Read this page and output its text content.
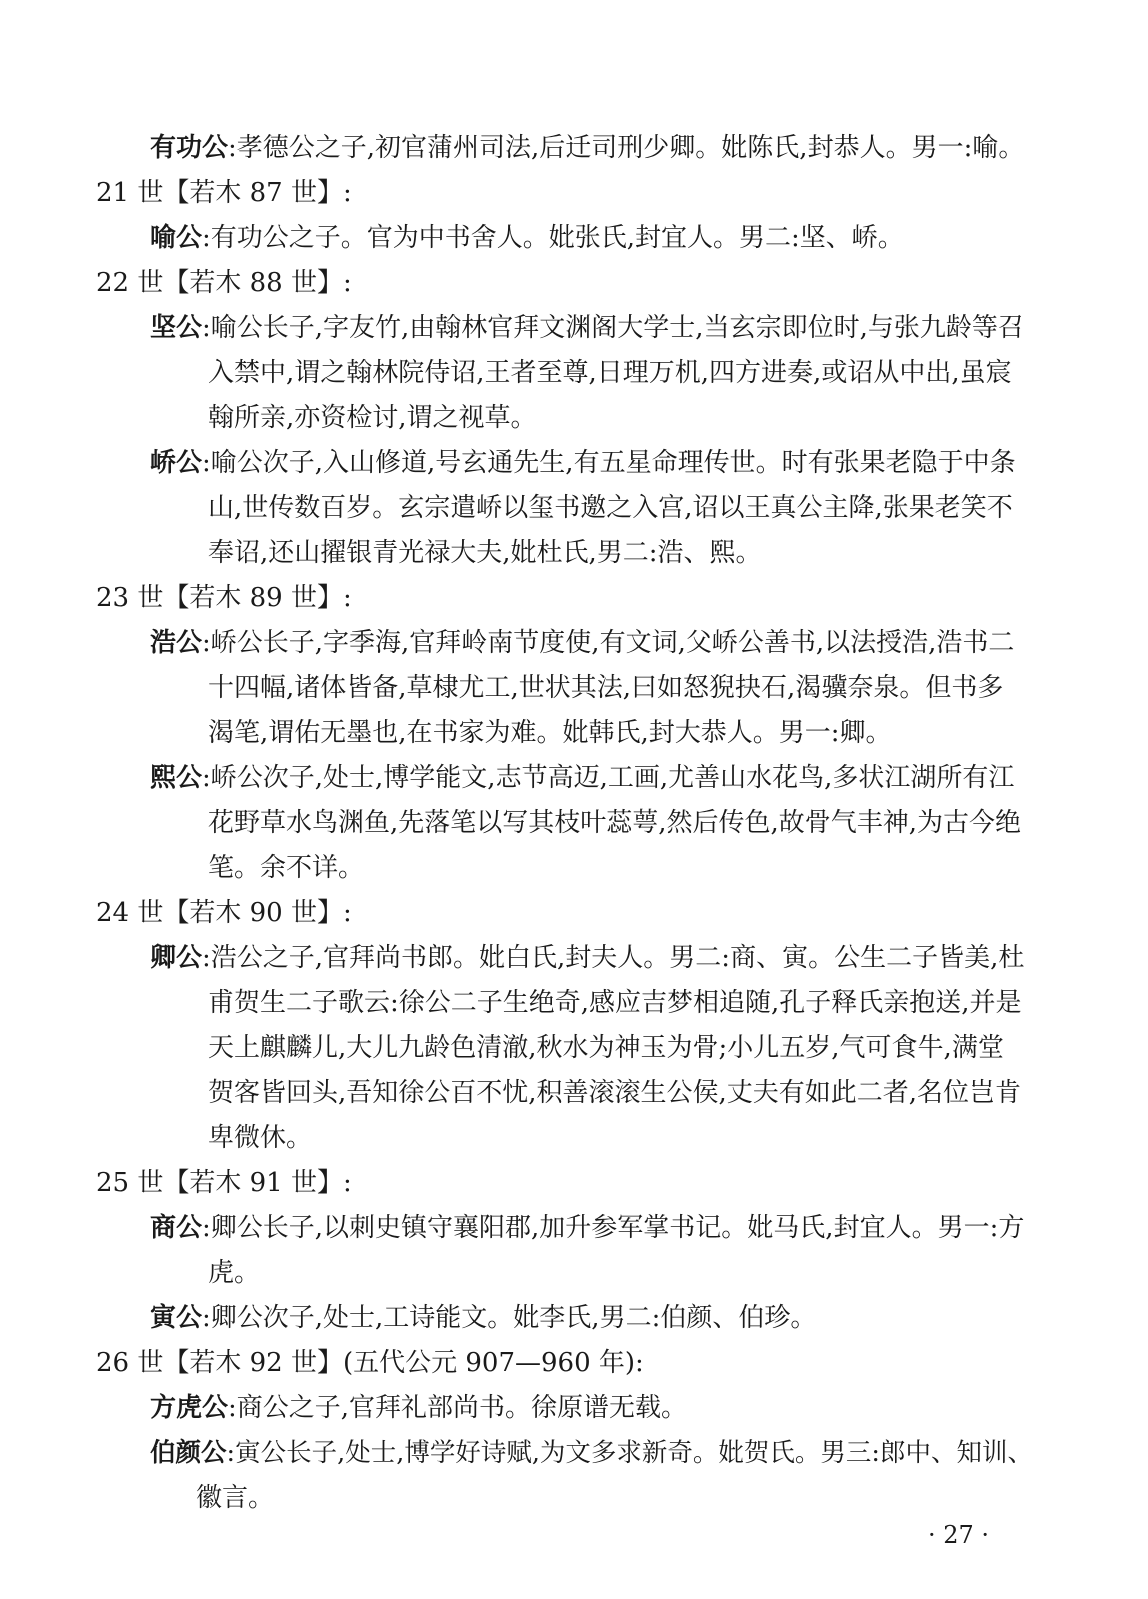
有功公:孝德公之子,初官蒲州司法,后迁司刑少卿。妣陈氏,封恭人。男一:喻。
21 世【若木 87 世】:
喻公:有功公之子。官为中书舍人。妣张氏,封宜人。男二:坚、峤。
22 世【若木 88 世】:
坚公:喻公长子,字友竹,由翰林官拜文渊阁大学士,当玄宗即位时,与张九龄等召
入禁中,谓之翰林院侍诏,王者至尊,日理万机,四方进奏,或诏从中出,虽宸
翰所亲,亦资检讨,谓之视草。
峤公:喻公次子,入山修道,号玄通先生,有五星命理传世。时有张果老隐于中条
山,世传数百岁。玄宗遣峤以玺书邀之入宫,诏以王真公主降,张果老笑不
奉诏,还山擢银青光禄大夫,妣杜氏,男二:浩、熙。
23 世【若木 89 世】:
浩公:峤公长子,字季海,官拜岭南节度使,有文词,父峤公善书,以法授浩,浩书二
十四幅,诸体皆备,草棣尤工,世状其法,曰如怒猊抉石,渴骥奈泉。但书多
渴笔,谓佑无墨也,在书家为难。妣韩氏,封大恭人。男一:卿。
熙公:峤公次子,处士,博学能文,志节高迈,工画,尤善山水花鸟,多状江湖所有江
花野草水鸟渊鱼,先落笔以写其枝叶蕊萼,然后传色,故骨气丰神,为古今绝
笔。余不详。
24 世【若木 90 世】:
卿公:浩公之子,官拜尚书郎。妣白氏,封夫人。男二:商、寅。公生二子皆美,杜
甫贺生二子歌云:徐公二子生绝奇,感应吉梦相追随,孔子释氏亲抱送,并是
天上麒麟儿,大儿九龄色清澈,秋水为神玉为骨;小儿五岁,气可食牛,满堂
贺客皆回头,吾知徐公百不忧,积善滚滚生公侯,丈夫有如此二者,名位岂肯
卑微休。
25 世【若木 91 世】:
商公:卿公长子,以刺史镇守襄阳郡,加升参军掌书记。妣马氏,封宜人。男一:方
虎。
寅公:卿公次子,处士,工诗能文。妣李氏,男二:伯颜、伯珍。
26 世【若木 92 世】(五代公元 907—960 年):
方虎公:商公之子,官拜礼部尚书。徐原谱无载。
伯颜公:寅公长子,处士,博学好诗赋,为文多求新奇。妣贺氏。男三:郎中、知训、
徽言。
· 27 ·
